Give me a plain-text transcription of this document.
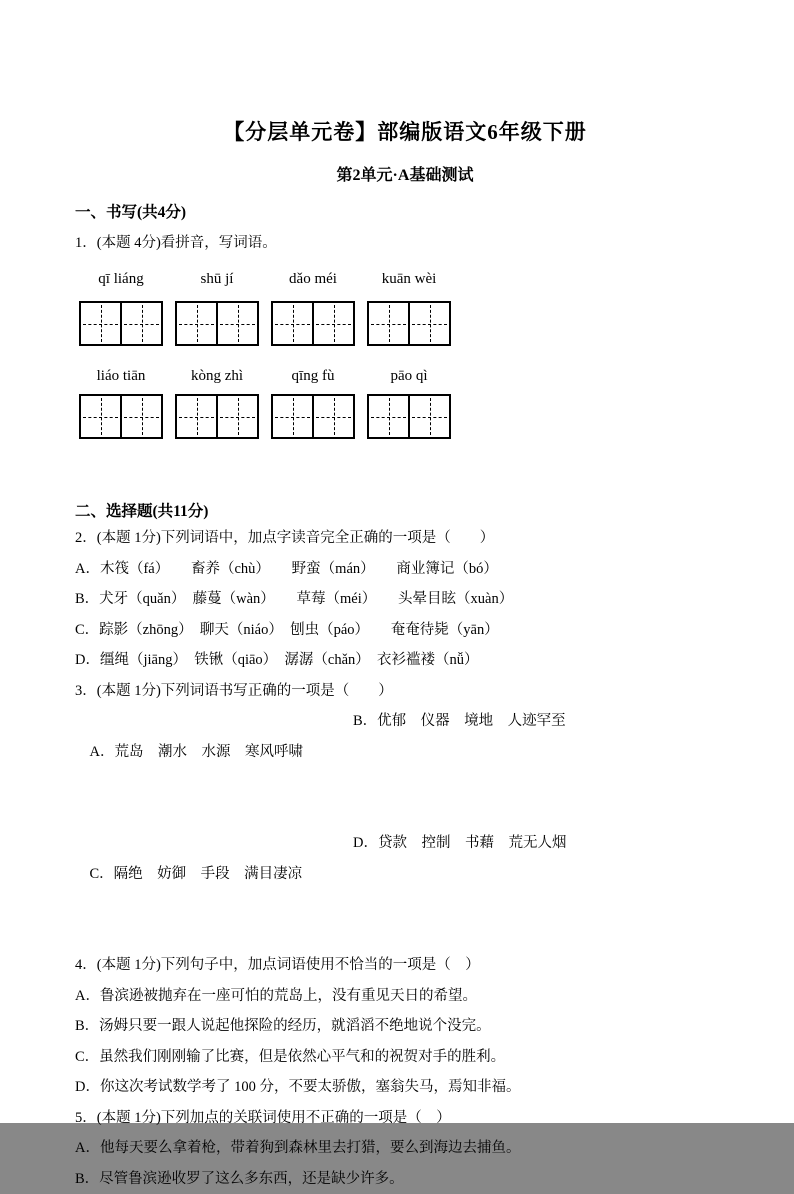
【分层单元卷】部编版语文6年级下册
第2单元·A基础测试
一、书写(共4分)
1．(本题 4分)看拼音，写词语。
qī liáng	shū jí	dǎo méi	kuān wèi
liáo tiān	kòng zhì	qīng fù	pāo qì
二、选择题(共11分)
2．(本题 1分)下列词语中，加点字读音完全正确的一项是（　　）
A．木筏（fá）　　畜养（chù）　　野蛮（mán）　　商业簿记（bó）
B．犬牙（quǎn）　藤蔓（wàn）　　草莓（méi）　　头晕目眩（xuàn）
C．踪影（zhōng）　聊天（niáo）　刨虫（páo）　　奄奄待毙（yān）
D．缰绳（jiāng）　铁锹（qiāo）　潺潺（chǎn）　衣衫褴褛（nǚ）
3．(本题 1分)下列词语书写正确的一项是（　　）

A．荒岛　潮水　水源　寒风呼啸

B．优郁　仪器　境地　人迹罕至

C．隔绝　妨御　手段　满目凄凉

D．贷款　控制　书藉　荒无人烟

4．(本题 1分)下列句子中，加点词语使用不恰当的一项是（　）
A．鲁滨逊被抛弃在一座可怕的荒岛上，没有重见天日的希望。
B．汤姆只要一跟人说起他探险的经历，就滔滔不绝地说个没完。
C．虽然我们刚刚输了比赛，但是依然心平气和的祝贺对手的胜利。
D．你这次考试数学考了 100 分，不要太骄傲，塞翁失马，焉知非福。
5．(本题 1分)下列加点的关联词使用不正确的一项是（　）
A．他每天要么拿着枪，带着狗到森林里去打猎，要么到海边去捕鱼。
B．尽管鲁滨逊收罗了这么多东西，还是缺少许多。
